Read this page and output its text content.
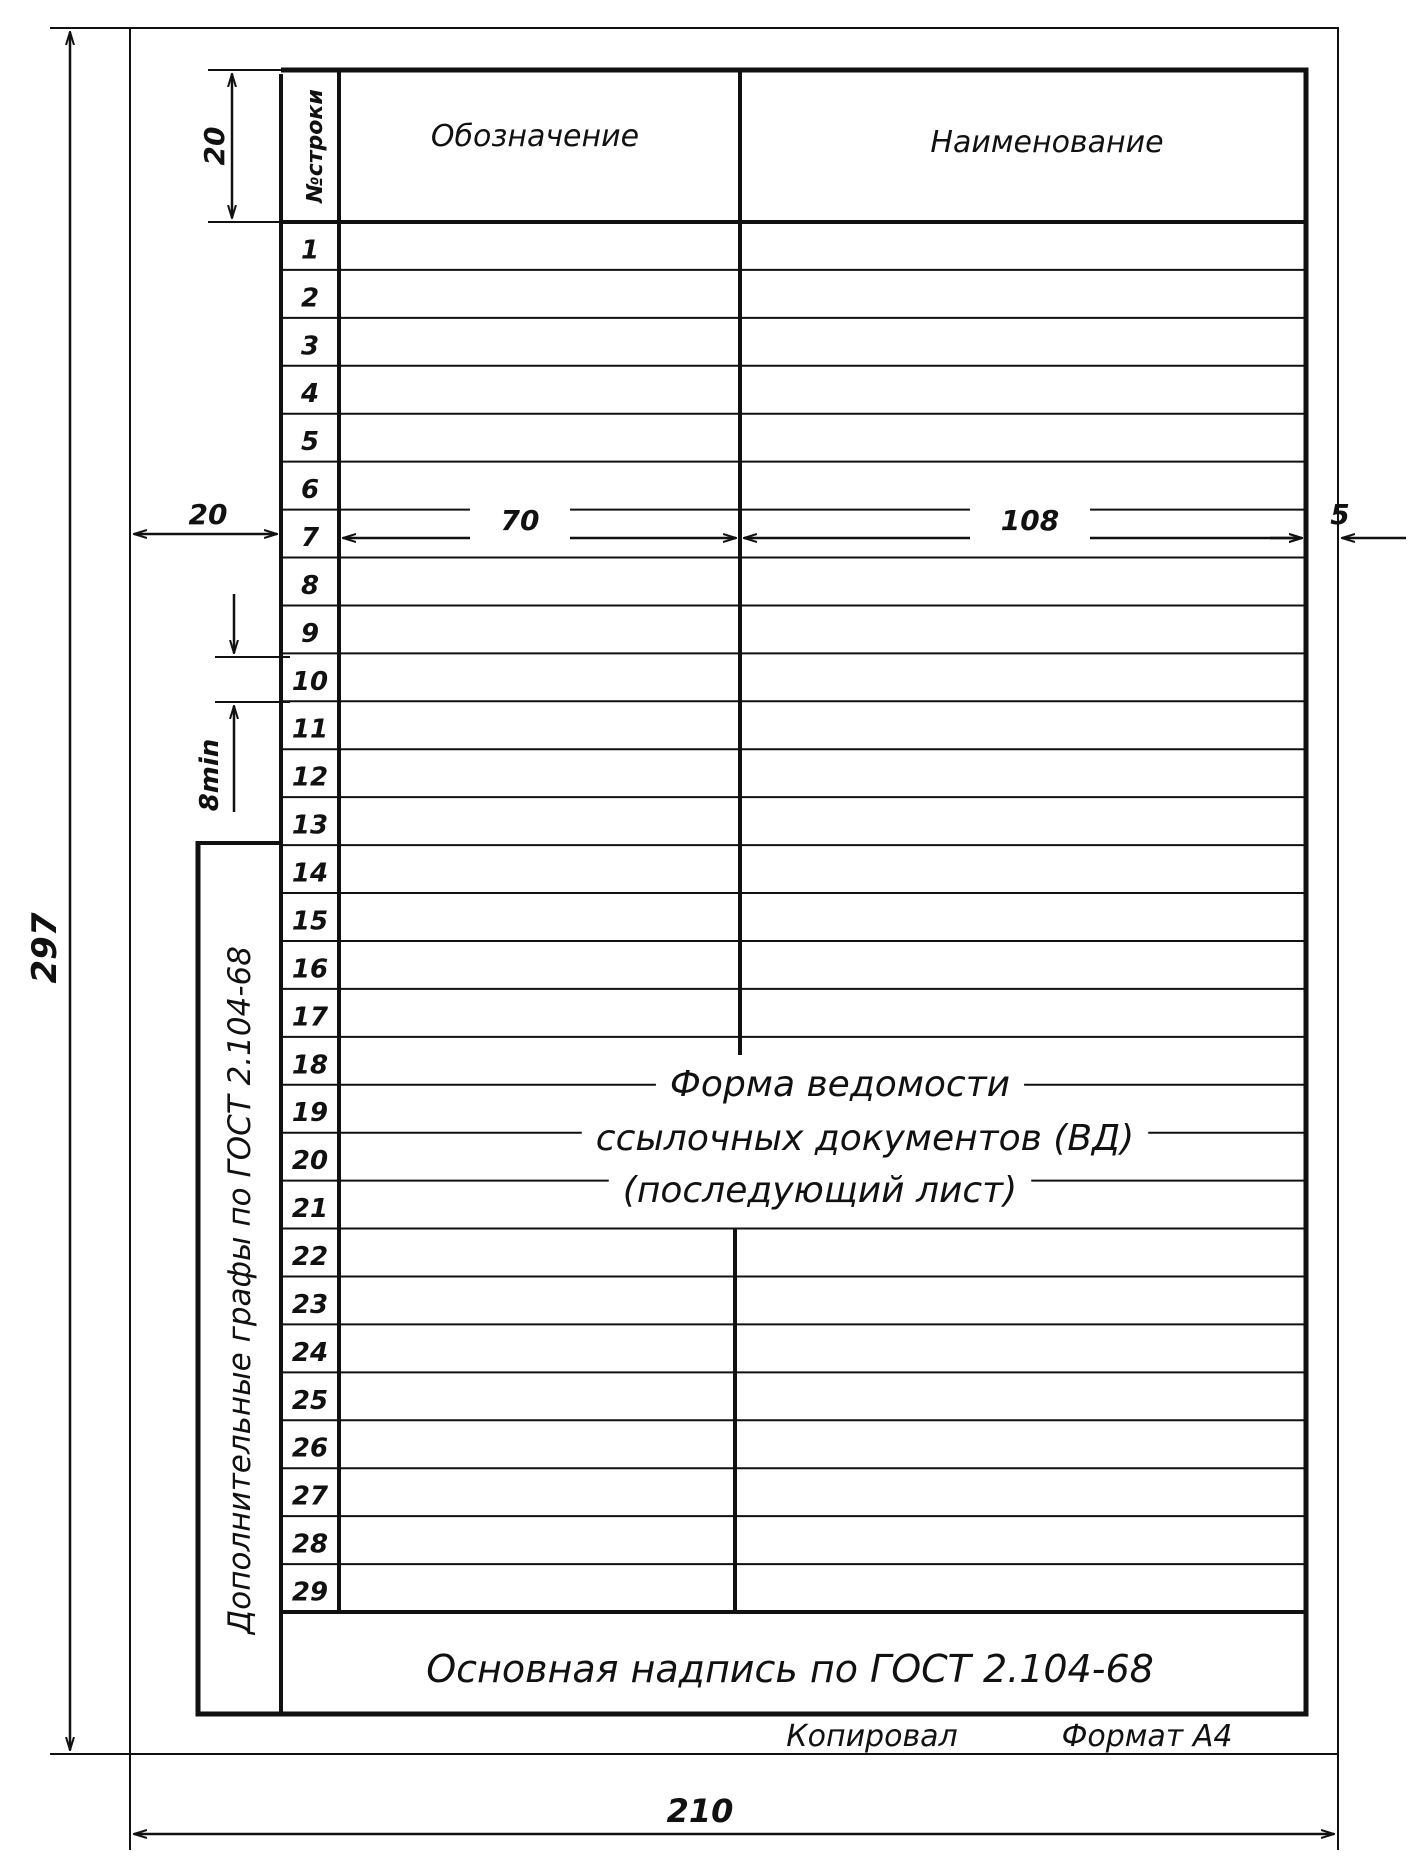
1
2
3
4
5
6
7
8
9
10
11
12
13
14
15
16
17
18
19
20
21
22
23
24
25
26
27
28
29
№строки	Обозначение	Наименование
Форма ведомости
ссылочных документов (ВД)
(последующий лист)
Основная надпись по ГОСТ 2.104-68
Дополнительные графы по ГОСТ 2.104-68
Копировал	Формат А4
297
210
20
20	70	108	5
8min
